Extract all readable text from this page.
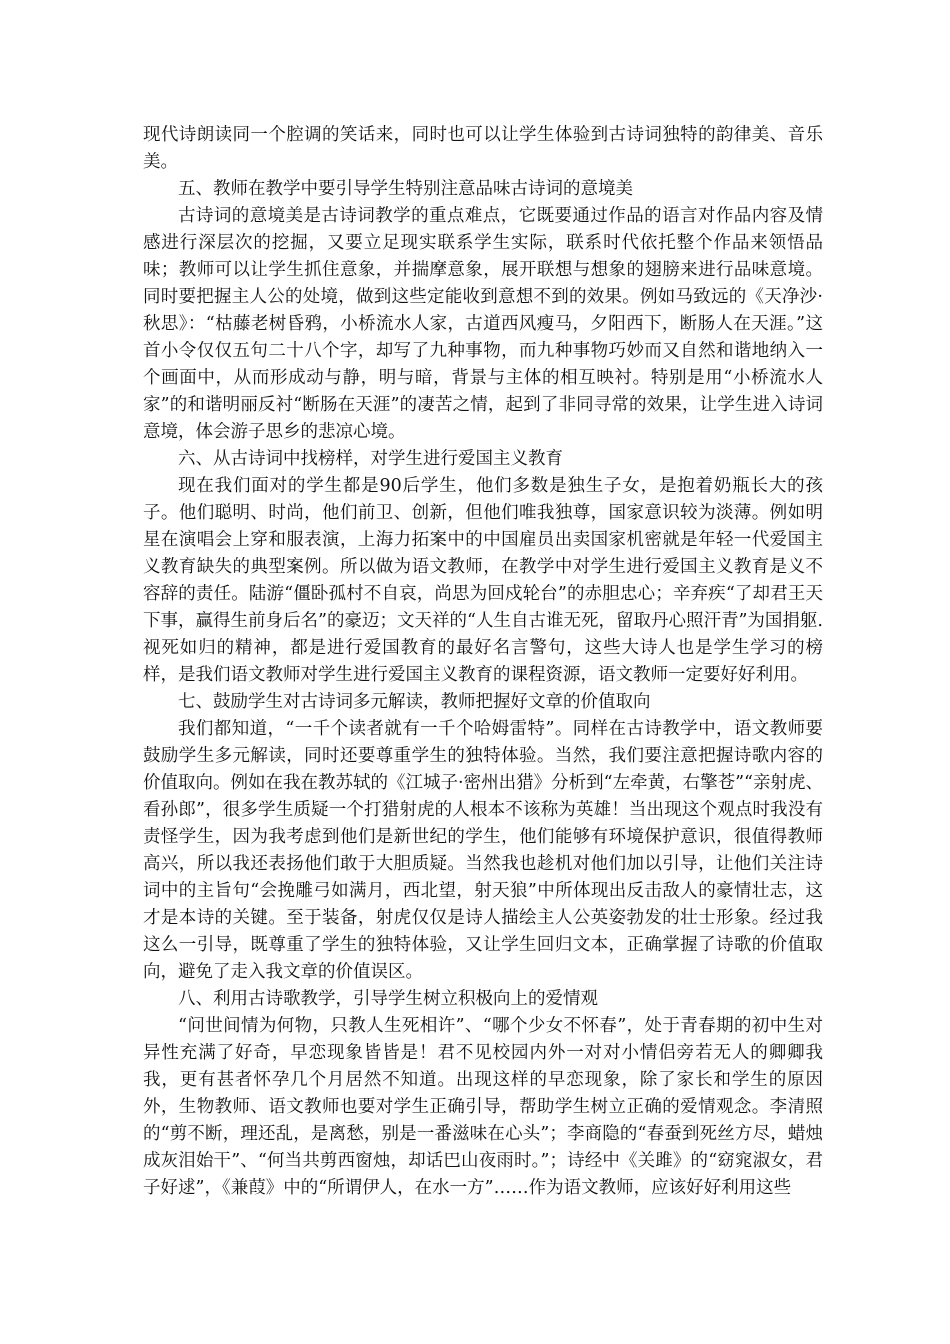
现代诗朗读同一个腔调的笑话来，同时也可以让学生体验到古诗词独特的韵律美、音乐美。

五、教师在教学中要引导学生特别注意品味古诗词的意境美

古诗词的意境美是古诗词教学的重点难点，它既要通过作品的语言对作品内容及情感进行深层次的挖掘，又要立足现实联系学生实际，联系时代依托整个作品来领悟品味；教师可以让学生抓住意象，并揣摩意象，展开联想与想象的翅膀来进行品味意境。同时要把握主人公的处境，做到这些定能收到意想不到的效果。例如马致远的《天净沙·秋思》：“枯藤老树昏鸦，小桥流水人家，古道西风瘦马，夕阳西下，断肠人在天涯。”这首小令仅仅五句二十八个字，却写了九种事物，而九种事物巧妙而又自然和谐地纳入一个画面中，从而形成动与静，明与暗，背景与主体的相互映衬。特别是用“小桥流水人家”的和谐明丽反衬“断肠在天涯”的凄苦之情，起到了非同寻常的效果，让学生进入诗词意境，体会游子思乡的悲凉心境。

六、从古诗词中找榜样，对学生进行爱国主义教育

现在我们面对的学生都是90后学生，他们多数是独生子女，是抱着奶瓶长大的孩子。他们聪明、时尚，他们前卫、创新，但他们唯我独尊，国家意识较为淡薄。例如明星在演唱会上穿和服表演，上海力拓案中的中国雇员出卖国家机密就是年轻一代爱国主义教育缺失的典型案例。所以做为语文教师，在教学中对学生进行爱国主义教育是义不容辞的责任。陆游“僵卧孤村不自哀，尚思为回戍轮台”的赤胆忠心；辛弃疾“了却君王天下事，赢得生前身后名”的豪迈；文天祥的“人生自古谁无死，留取丹心照汗青”为国捐躯.视死如归的精神，都是进行爱国教育的最好名言警句，这些大诗人也是学生学习的榜样，是我们语文教师对学生进行爱国主义教育的课程资源，语文教师一定要好好利用。

七、鼓励学生对古诗词多元解读，教师把握好文章的价值取向

我们都知道，“一千个读者就有一千个哈姆雷特”。同样在古诗教学中，语文教师要鼓励学生多元解读，同时还要尊重学生的独特体验。当然，我们要注意把握诗歌内容的价值取向。例如在我在教苏轼的《江城子·密州出猎》分析到“左牵黄，右擎苍”“亲射虎、看孙郎”，很多学生质疑一个打猎射虎的人根本不该称为英雄！当出现这个观点时我没有责怪学生，因为我考虑到他们是新世纪的学生，他们能够有环境保护意识，很值得教师高兴，所以我还表扬他们敢于大胆质疑。当然我也趁机对他们加以引导，让他们关注诗词中的主旨句“会挽雕弓如满月，西北望，射天狼”中所体现出反击敌人的豪情壮志，这才是本诗的关键。至于装备，射虎仅仅是诗人描绘主人公英姿勃发的壮士形象。经过我这么一引导，既尊重了学生的独特体验，又让学生回归文本，正确掌握了诗歌的价值取向，避免了走入我文章的价值误区。

八、利用古诗歌教学，引导学生树立积极向上的爱情观

“问世间情为何物，只教人生死相许”、“哪个少女不怀春”，处于青春期的初中生对异性充满了好奇，早恋现象皆皆是！君不见校园内外一对对小情侣旁若无人的卿卿我我，更有甚者怀孕几个月居然不知道。出现这样的早恋现象，除了家长和学生的原因外，生物教师、语文教师也要对学生正确引导，帮助学生树立正确的爱情观念。李清照的“剪不断，理还乱，是离愁，别是一番滋味在心头”；李商隐的“春蚕到死丝方尽，蜡烛成灰泪始干”、“何当共剪西窗烛，却话巴山夜雨时。”；诗经中《关雎》的“窈窕淑女，君子好逑”，《兼葭》中的“所谓伊人，在水一方”……作为语文教师，应该好好利用这些
